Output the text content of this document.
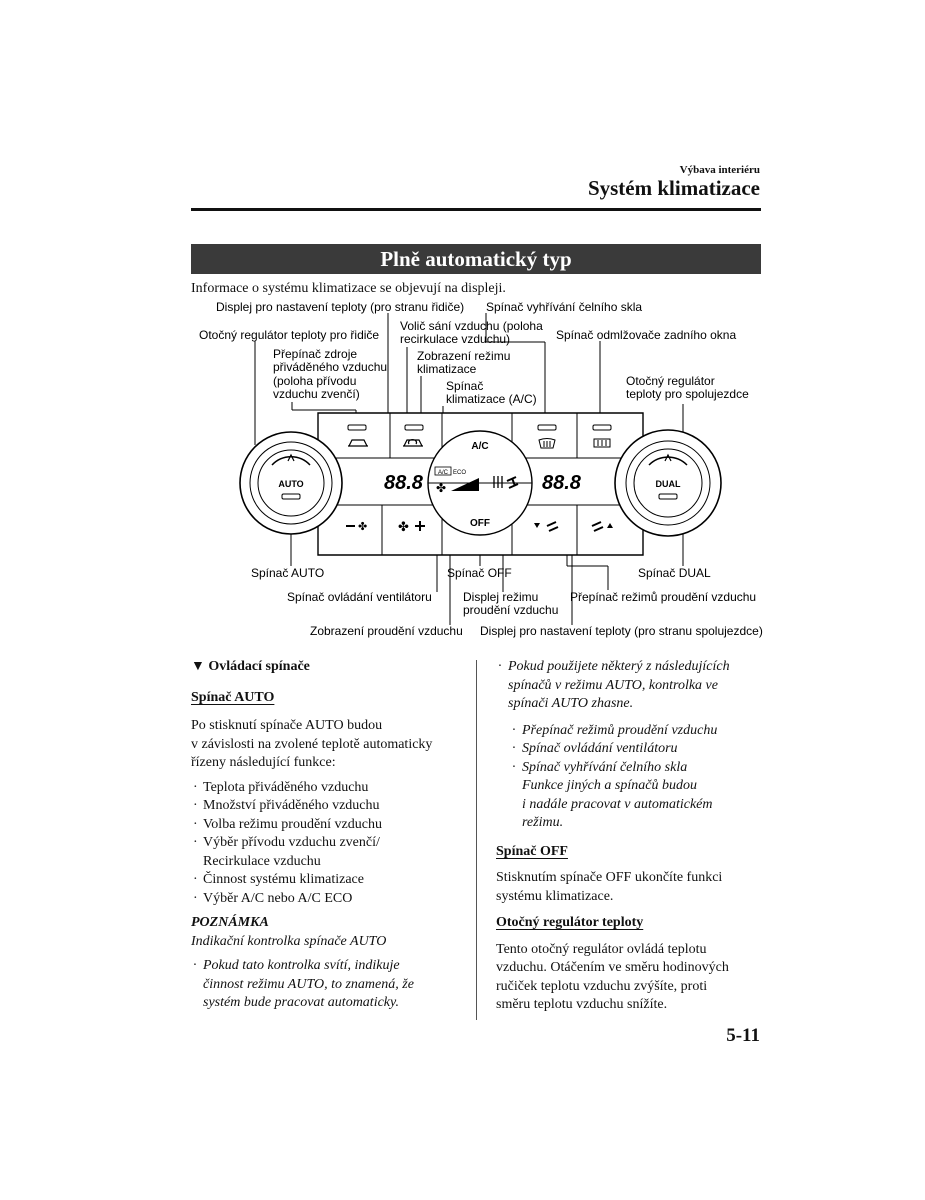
Výbava interiéru
Systém klimatizace
Plně automatický typ
Informace o systému klimatizace se objevují na displeji.
AUTO	DUAL
A/C
88.8	88.8
A/C ECO
✤
✤ ✤	OFF
Displej pro nastavení teploty (pro stranu řidiče) Spínač vyhřívání čelního skla
Otočný regulátor teploty pro řidiče
Volič sání vzduchu (poloha
recirkulace vzduchu)	Spínač odmlžovače zadního okna
Přepínač zdroje
přiváděného vzduchu
(poloha přívodu
vzduchu zvenčí)
Zobrazení režimu
klimatizace
Spínač
klimatizace (A/C)
Otočný regulátor
teploty pro spolujezdce
Spínač AUTO	Spínač OFF	Spínač DUAL
Spínač ovládání ventilátoru	Displej režimu
proudění vzduchu
Přepínač režimů proudění vzduchu
Zobrazení proudění vzduchu Displej pro nastavení teploty (pro stranu spolujezdce)
▼ Ovládací spínače
Spínač AUTO
Po stisknutí spínače AUTO budou
v závislosti na zvolené teplotě automaticky
řízeny následující funkce:
· Teplota přiváděného vzduchu
· Množství přiváděného vzduchu
· Volba režimu proudění vzduchu
· Výběr přívodu vzduchu zvenčí/
Recirkulace vzduchu
· Činnost systému klimatizace
· Výběr A/C nebo A/C ECO
POZNÁMKA
Indikační kontrolka spínače AUTO
· Pokud tato kontrolka svítí, indikuje
činnost režimu AUTO, to znamená, že
systém bude pracovat automaticky.
· Pokud použijete některý z následujících
spínačů v režimu AUTO, kontrolka ve
spínači AUTO zhasne.
· Přepínač režimů proudění vzduchu
· Spínač ovládání ventilátoru
· Spínač vyhřívání čelního skla
Funkce jiných a spínačů budou
i nadále pracovat v automatickém
režimu.
Spínač OFF
Stisknutím spínače OFF ukončíte funkci
systému klimatizace.
Otočný regulátor teploty
Tento otočný regulátor ovládá teplotu
vzduchu. Otáčením ve směru hodinových
ručiček teplotu vzduchu zvýšíte, proti
směru teplotu vzduchu snížíte.
5-11
